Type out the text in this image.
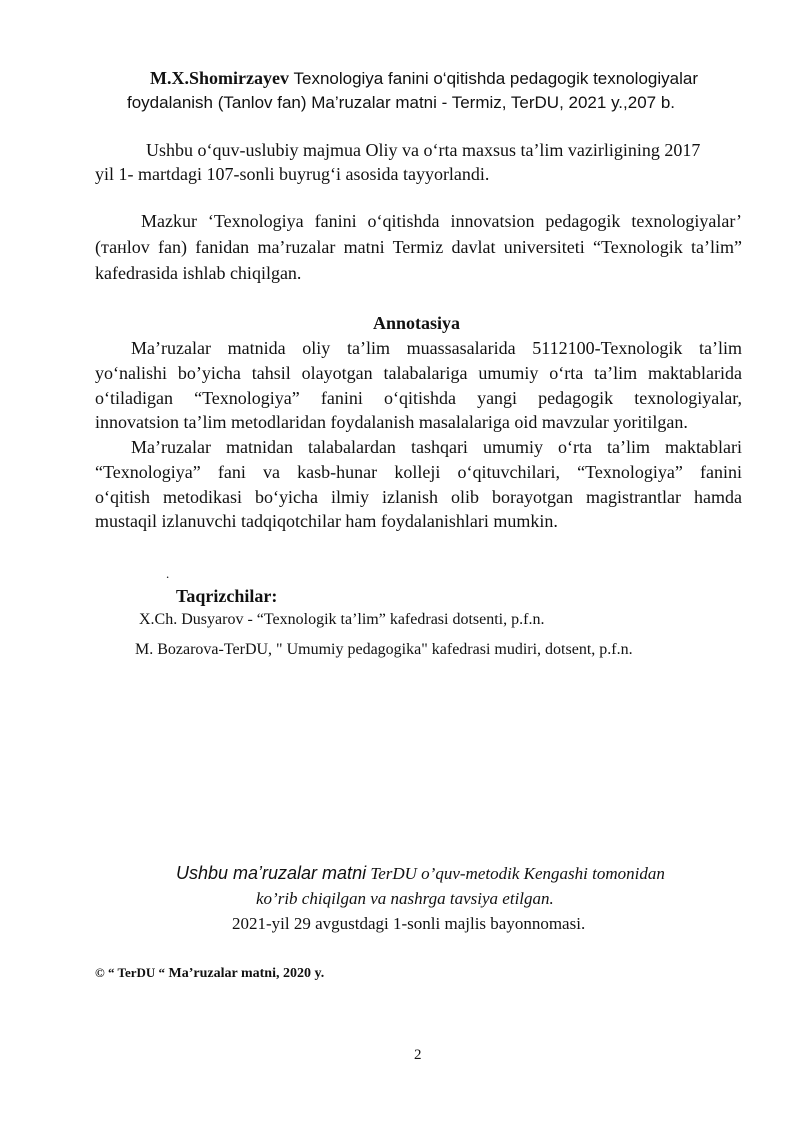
M.X.Shomirzayev Texnologiya fanini o‘qitishda pedagogik texnologiyalar
foydalanish (Tanlov fan) Ma’ruzalar matni - Termiz, TerDU, 2021 y.,207 b.
Ushbu o‘quv-uslubiy majmua Oliy va o‘rta maxsus ta’lim vazirligining 2017
yil 1- martdagi 107-sonli buyrug‘i asosida tayyorlandi.
Mazkur ‘Texnologiya fanini o‘qitishda innovatsion pedagogik texnologiyalar’
(танlov fan) fanidan ma’ruzalar matni Termiz davlat universiteti “Texnologik ta’lim”
kafedrasida ishlab chiqilgan.
Annotasiya
Ma’ruzalar matnida oliy ta’lim muassasalarida 5112100-Texnologik ta’lim
yo‘nalishi bo’yicha tahsil olayotgan talabalariga umumiy o‘rta ta’lim maktablarida
o‘tiladigan “Texnologiya” fanini o‘qitishda yangi pedagogik texnologiyalar,
innovatsion ta’lim metodlaridan foydalanish masalalariga oid mavzular yoritilgan.
Ma’ruzalar matnidan talabalardan tashqari umumiy o‘rta ta’lim maktablari
“Texnologiya” fani va kasb-hunar kolleji o‘qituvchilari, “Texnologiya” fanini
o‘qitish metodikasi bo‘yicha ilmiy izlanish olib borayotgan magistrantlar hamda
mustaqil izlanuvchi tadqiqotchilar ham foydalanishlari mumkin.
.
Taqrizchilar:
X.Ch. Dusyarov - “Texnologik ta’lim” kafedrasi dotsenti, p.f.n.
M. Bozarova-TerDU, " Umumiy pedagogika" kafedrasi mudiri, dotsent, p.f.n.
Ushbu ma’ruzalar matni TerDU o’quv-metodik Kengashi tomonidan
ko’rib chiqilgan va nashrga tavsiya etilgan.
2021-yil 29 avgustdagi 1-sonli majlis bayonnomasi.
© “ TerDU “ Ma’ruzalar matni, 2020 y.
2
